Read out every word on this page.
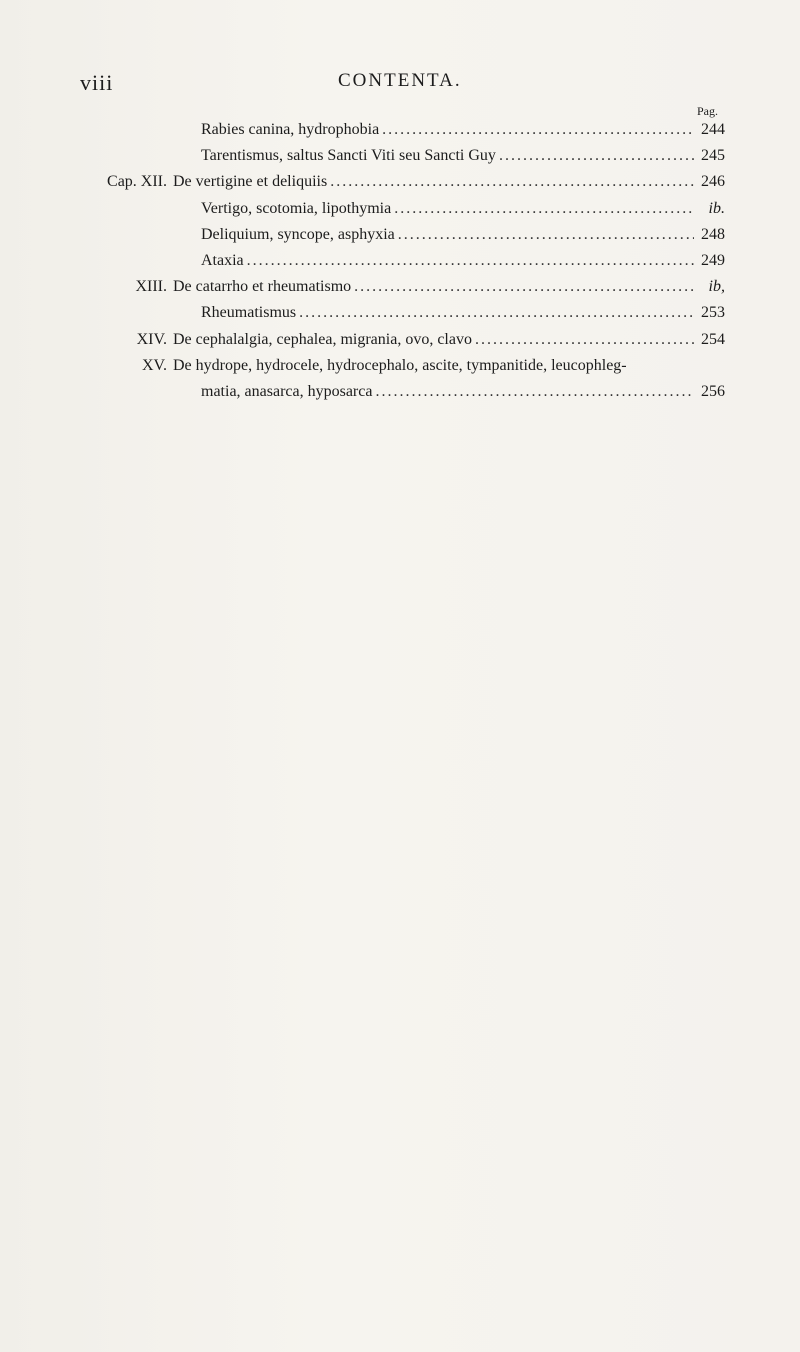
viii	CONTENTA.
Pag.
Rabies canina, hydrophobia . . .	244
Tarentismus, saltus Sancti Viti seu Sancti Guy . . .	245
Cap. XII. De vertigine et deliquiis . . .	246
Vertigo, scotomia, lipothymia . . .	ib.
Deliquium, syncope, asphyxia . . .	248
Ataxia . . .	249
XIII. De catarrho et rheumatismo . . .	ib,
Rheumatismus . . .	253
XIV. De cephalalgia, cephalea, migrania, ovo, clavo . . .	254
XV. De hydrope, hydrocele, hydrocephalo, ascite, tympanitide, leucophleg-
matia, anasarca, hyposarca . . .	256
